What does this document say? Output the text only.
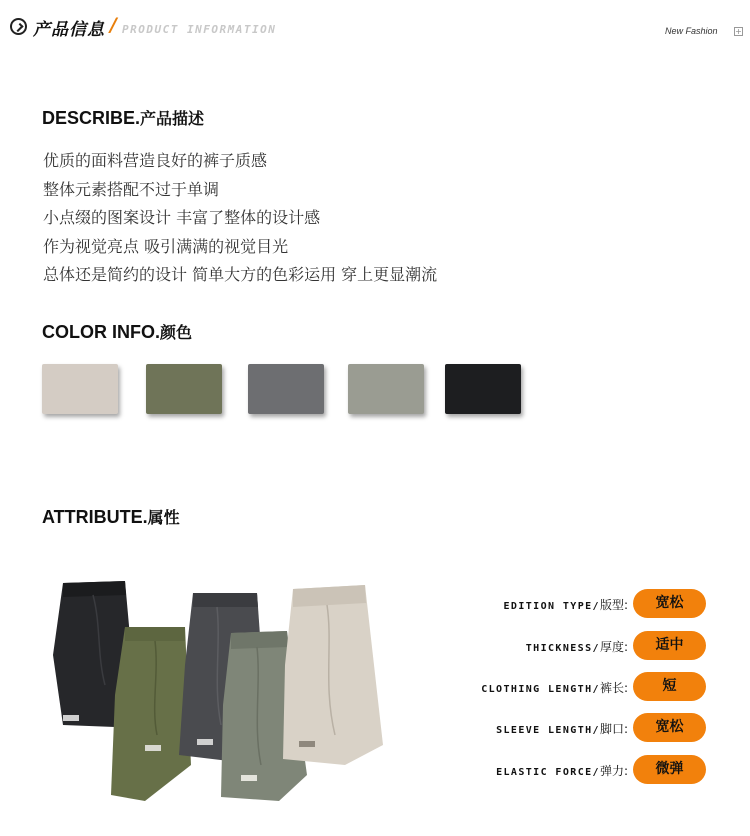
产品信息 / PRODUCT INFORMATION	New Fashion +
DESCRIBE.产品描述
优质的面料营造良好的裤子质感
整体元素搭配不过于单调
小点缀的图案设计 丰富了整体的设计感
作为视觉亮点 吸引满满的视觉目光
总体还是简约的设计 简单大方的色彩运用 穿上更显潮流
COLOR INFO.颜色
ATTRIBUTE.属性
EDITION TYPE/版型:	宽松
THICKNESS/厚度:	适中
CLOTHING LENGTH/裤长:	短
SLEEVE LENGTH/脚口:	宽松
ELASTIC FORCE/弹力:	微弹
